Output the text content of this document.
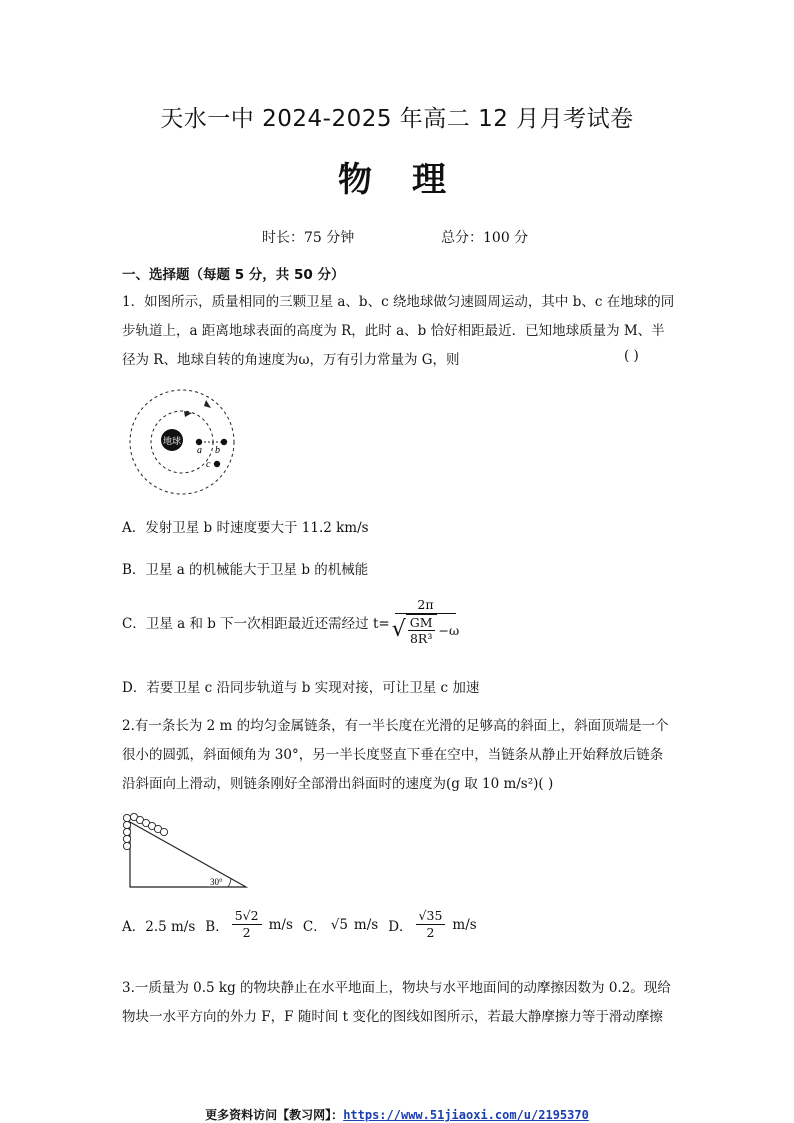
天水一中 2024-2025 年高二 12 月月考试卷
物理
时长：75 分钟	总分：100 分
一、选择题（每题 5 分，共 50 分）
1．如图所示，质量相同的三颗卫星 a、b、c 绕地球做匀速圆周运动，其中 b、c 在地球的同
步轨道上，a 距离地球表面的高度为 R，此时 a、b 恰好相距最近．已知地球质量为 M、半
径为 R、地球自转的角速度为ω，万有引力常量为 G，则	( )
地球
a b
c
A．发射卫星 b 时速度要大于 11.2 km/s
B．卫星 a 的机械能大于卫星 b 的机械能
C．卫星 a 和 b 下一次相距最近还需经过 $t= \frac{2\pi}{√ \frac{GM}{\text{8R³}} -\omega}$
D．若要卫星 c 沿同步轨道与 b 实现对接，可让卫星 c 加速
2.有一条长为 2 m 的均匀金属链条，有一半长度在光滑的足够高的斜面上，斜面顶端是一个
很小的圆弧，斜面倾角为 30°，另一半长度竖直下垂在空中，当链条从静止开始释放后链条
沿斜面向上滑动，则链条刚好全部滑出斜面时的速度为(g 取 10 m/s²)( )
30°
A．2.5 m/s B． $\frac{5√2}{2} m/s$ C． √5 m/s D． $\frac{√35}{2} m/s$
3.一质量为 0.5 kg 的物块静止在水平地面上，物块与水平地面间的动摩擦因数为 0.2。现给
物块一水平方向的外力 F，F 随时间 t 变化的图线如图所示，若最大静摩擦力等于滑动摩擦
更多资料访问【教习网】：https://www.51jiaoxi.com/u/2195370
